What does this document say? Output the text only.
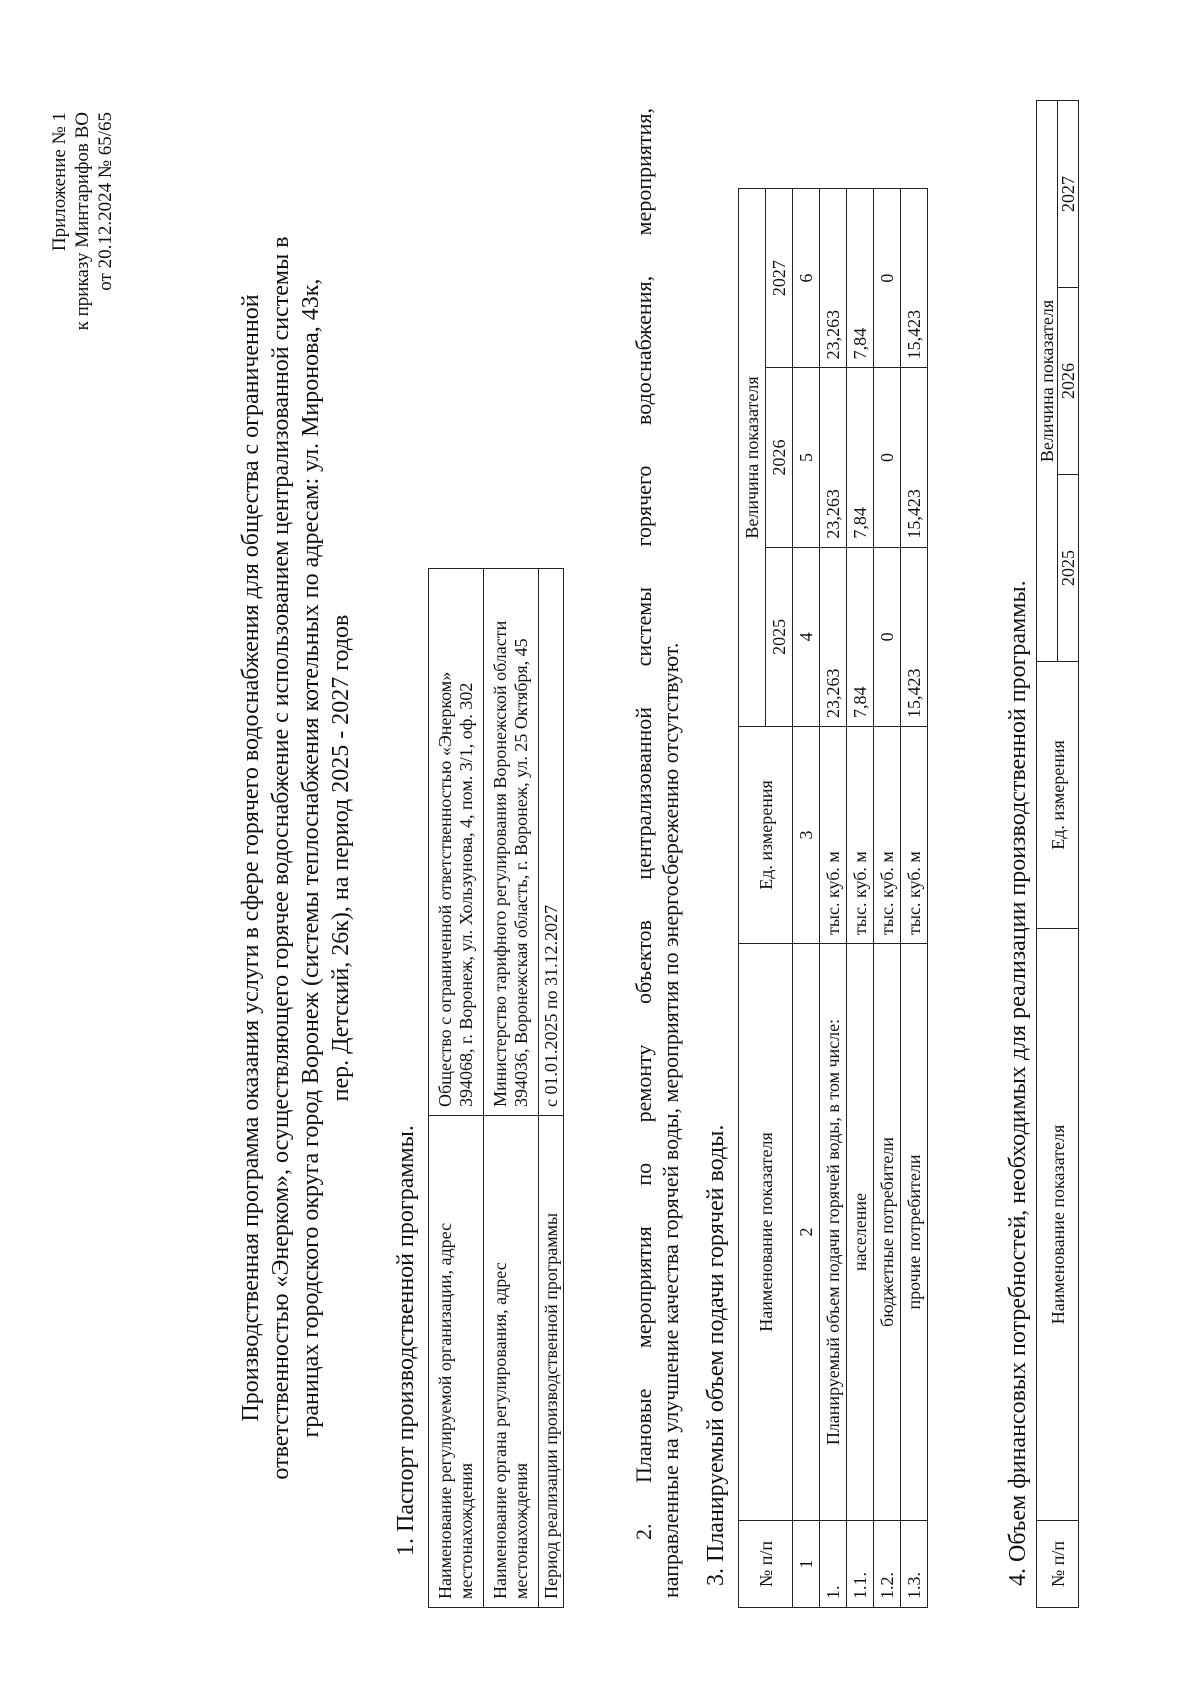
Приложение № 1 к приказу Минтарифов ВО от 20.12.2024 № 65/65
Производственная программа оказания услуги в сфере горячего водоснабжения для общества с ограниченной ответственностью «Энерком», осуществляющего горячее водоснабжение с использованием централизованной системы в границах городского округа город Воронеж (системы теплоснабжения котельных по адресам: ул. Миронова, 43к, пер. Детский, 26к), на период 2025 - 2027 годов
1. Паспорт производственной программы. Наименование регулируемой организации, адрес местонахождения	Общество с ограниченной ответственностью «Энерком» 394068, г. Воронеж, ул. Хользунова, 4, пом. 3/1, оф. 302

Наименование органа регулирования, адрес местонахождения	Министерство тарифного регулирования Воронежской области 394036, Воронежская область, г. Воронеж, ул. 25 Октября, 45

Период реализации производственной программы	с 01.01.2025 по 31.12.2027	2. Плановые мероприятия по ремонту объектов централизованной системы горячего водоснабжения, мероприятия, направленные на улучшение качества горячей воды, мероприятия по энергосбережению отсутствуют. 3. Планируемый объем подачи горячей воды. № п/п	Наименование показателя	Ед. измерения	Величина показателя		
			2025	2026	2027
1	2	3	4	5	6
1.	Планируемый объем подачи горячей воды, в том числе:	тыс. куб. м	23,263	23,263	23,263
1.1.	население	тыс. куб. м	7,84	7,84	7,84
1.2.	бюджетные потребители	тыс. куб. м	0	0	0
1.3.	прочие потребители	тыс. куб. м	15,423	15,423	15,423
4. Объем финансовых потребностей, необходимых для реализации производственной программы. № п/п	Наименование показателя	Ед. измерения	Величина показателя		
			2025	2026	2027
